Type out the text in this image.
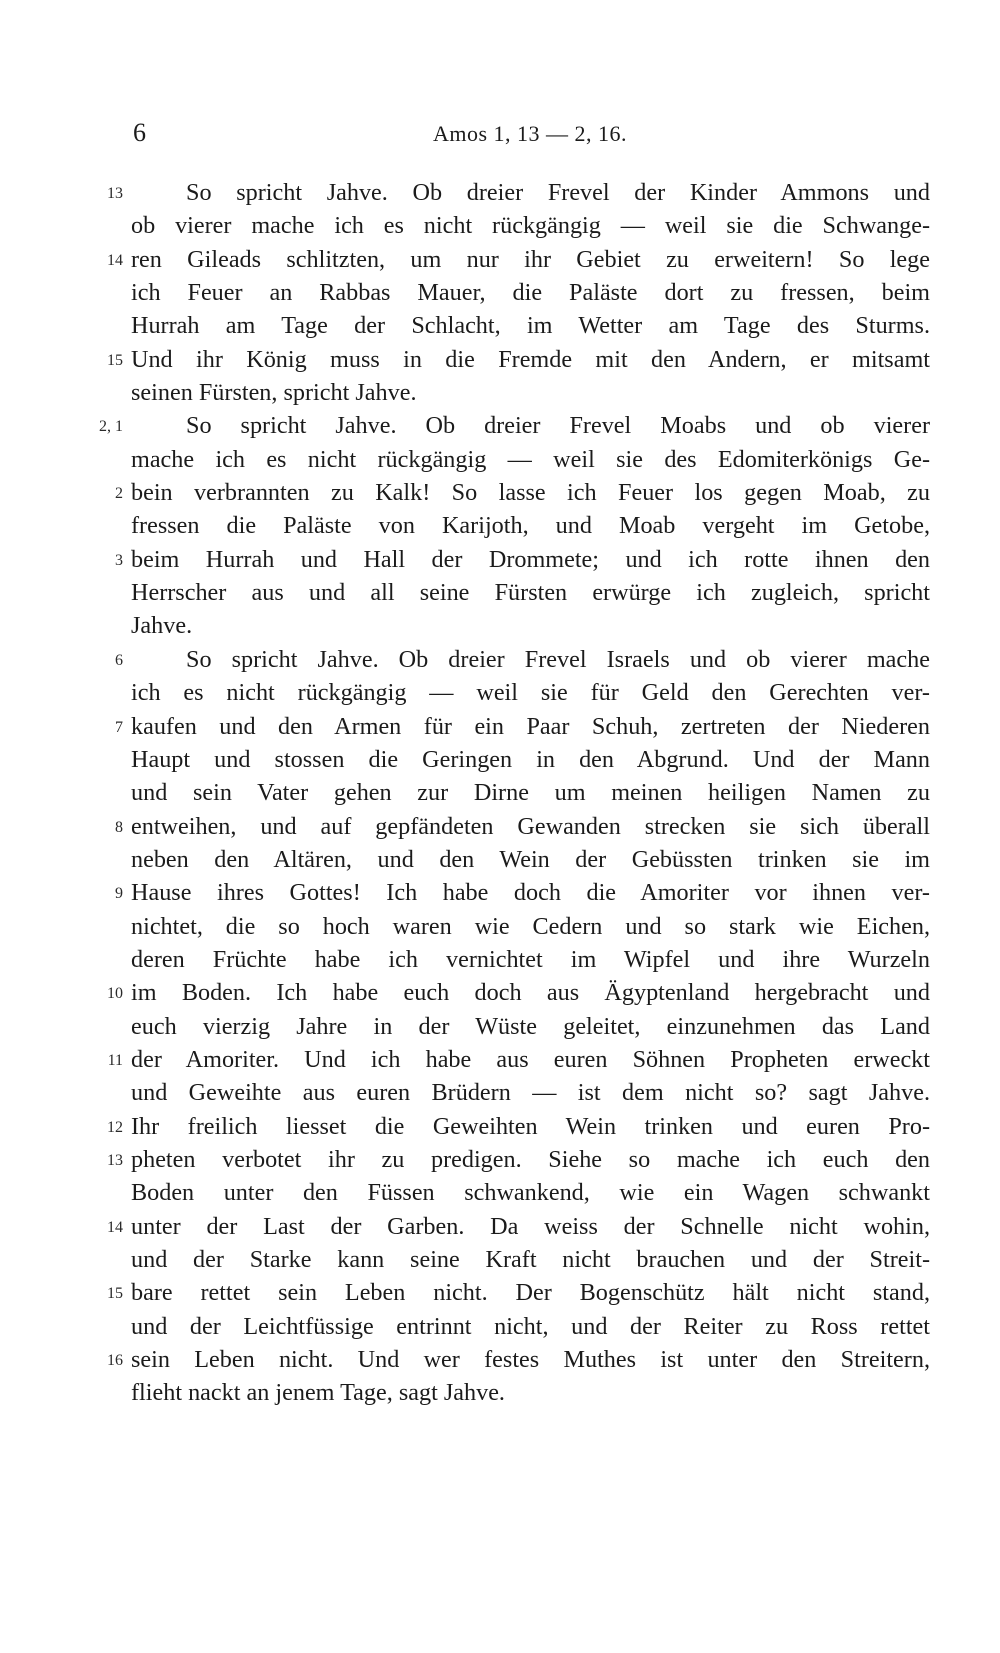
6	Amos 1, 13 — 2, 16.
13	So spricht Jahve. Ob dreier Frevel der Kinder Ammons und
ob vierer mache ich es nicht rückgängig — weil sie die Schwange-
14 ren Gileads schlitzten, um nur ihr Gebiet zu erweitern! So lege
ich Feuer an Rabbas Mauer, die Paläste dort zu fressen, beim
Hurrah am Tage der Schlacht, im Wetter am Tage des Sturms.
15 Und ihr König muss in die Fremde mit den Andern, er mitsamt
seinen Fürsten, spricht Jahve.
2, 1	So spricht Jahve. Ob dreier Frevel Moabs und ob vierer
mache ich es nicht rückgängig — weil sie des Edomiterkönigs Ge-
2 bein verbrannten zu Kalk! So lasse ich Feuer los gegen Moab, zu
fressen die Paläste von Karijoth, und Moab vergeht im Getobe,
3 beim Hurrah und Hall der Drommete; und ich rotte ihnen den
Herrscher aus und all seine Fürsten erwürge ich zugleich, spricht
Jahve.
6	So spricht Jahve. Ob dreier Frevel Israels und ob vierer mache
ich es nicht rückgängig — weil sie für Geld den Gerechten ver-
7 kaufen und den Armen für ein Paar Schuh, zertreten der Niederen
Haupt und stossen die Geringen in den Abgrund. Und der Mann
und sein Vater gehen zur Dirne um meinen heiligen Namen zu
8 entweihen, und auf gepfändeten Gewanden strecken sie sich überall
neben den Altären, und den Wein der Gebüssten trinken sie im
9 Hause ihres Gottes! Ich habe doch die Amoriter vor ihnen ver-
nichtet, die so hoch waren wie Cedern und so stark wie Eichen,
deren Früchte habe ich vernichtet im Wipfel und ihre Wurzeln
10 im Boden. Ich habe euch doch aus Ägyptenland hergebracht und
euch vierzig Jahre in der Wüste geleitet, einzunehmen das Land
11 der Amoriter. Und ich habe aus euren Söhnen Propheten erweckt
und Geweihte aus euren Brüdern — ist dem nicht so? sagt Jahve.
12 Ihr freilich liesset die Geweihten Wein trinken und euren Pro-
13 pheten verbotet ihr zu predigen. Siehe so mache ich euch den
Boden unter den Füssen schwankend, wie ein Wagen schwankt
14 unter der Last der Garben. Da weiss der Schnelle nicht wohin,
und der Starke kann seine Kraft nicht brauchen und der Streit-
15 bare rettet sein Leben nicht. Der Bogenschütz hält nicht stand,
und der Leichtfüssige entrinnt nicht, und der Reiter zu Ross rettet
16 sein Leben nicht. Und wer festes Muthes ist unter den Streitern,
flieht nackt an jenem Tage, sagt Jahve.
